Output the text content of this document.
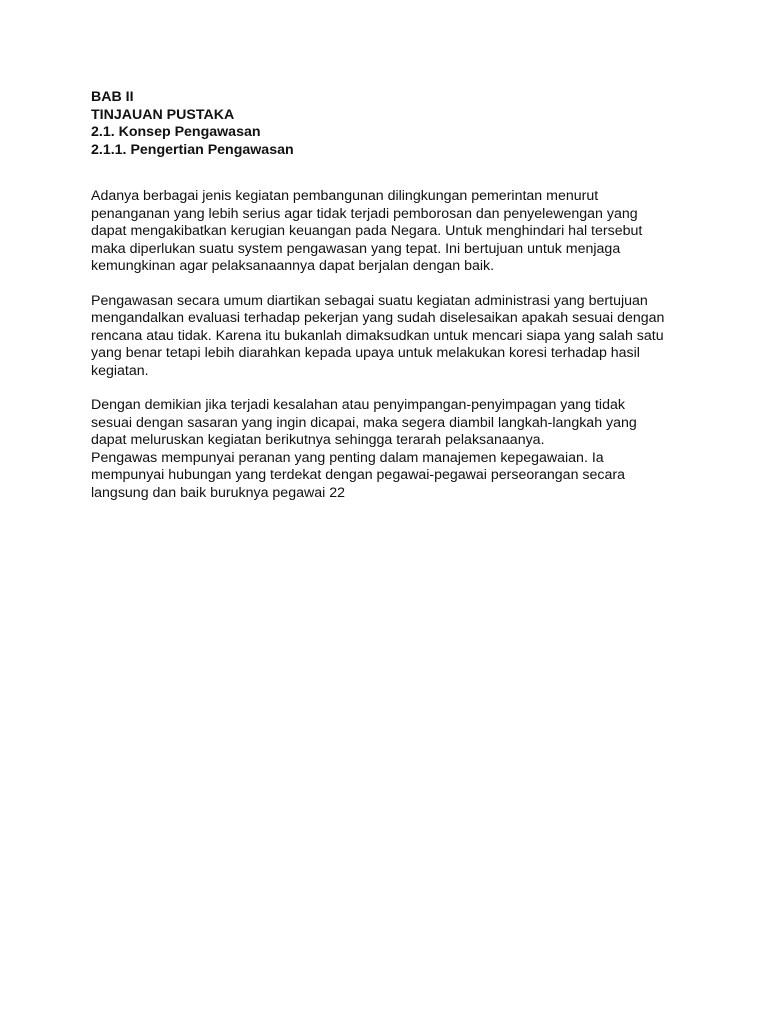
BAB II
TINJAUAN PUSTAKA
2.1. Konsep Pengawasan
2.1.1. Pengertian Pengawasan

Adanya berbagai jenis kegiatan pembangunan dilingkungan pemerintan menurut
penanganan yang lebih serius agar tidak terjadi pemborosan dan penyelewengan yang
dapat mengakibatkan kerugian keuangan pada Negara. Untuk menghindari hal tersebut
maka diperlukan suatu system pengawasan yang tepat. Ini bertujuan untuk menjaga
kemungkinan agar pelaksanaannya dapat berjalan dengan baik.

Pengawasan secara umum diartikan sebagai suatu kegiatan administrasi yang bertujuan
mengandalkan evaluasi terhadap pekerjan yang sudah diselesaikan apakah sesuai dengan
rencana atau tidak. Karena itu bukanlah dimaksudkan untuk mencari siapa yang salah satu
yang benar tetapi lebih diarahkan kepada upaya untuk melakukan koresi terhadap hasil
kegiatan.

Dengan demikian jika terjadi kesalahan atau penyimpangan-penyimpagan yang tidak
sesuai dengan sasaran yang ingin dicapai, maka segera diambil langkah-langkah yang
dapat meluruskan kegiatan berikutnya sehingga terarah pelaksanaanya.
Pengawas mempunyai peranan yang penting dalam manajemen kepegawaian. Ia
mempunyai hubungan yang terdekat dengan pegawai-pegawai perseorangan secara
langsung dan baik buruknya pegawai 22
